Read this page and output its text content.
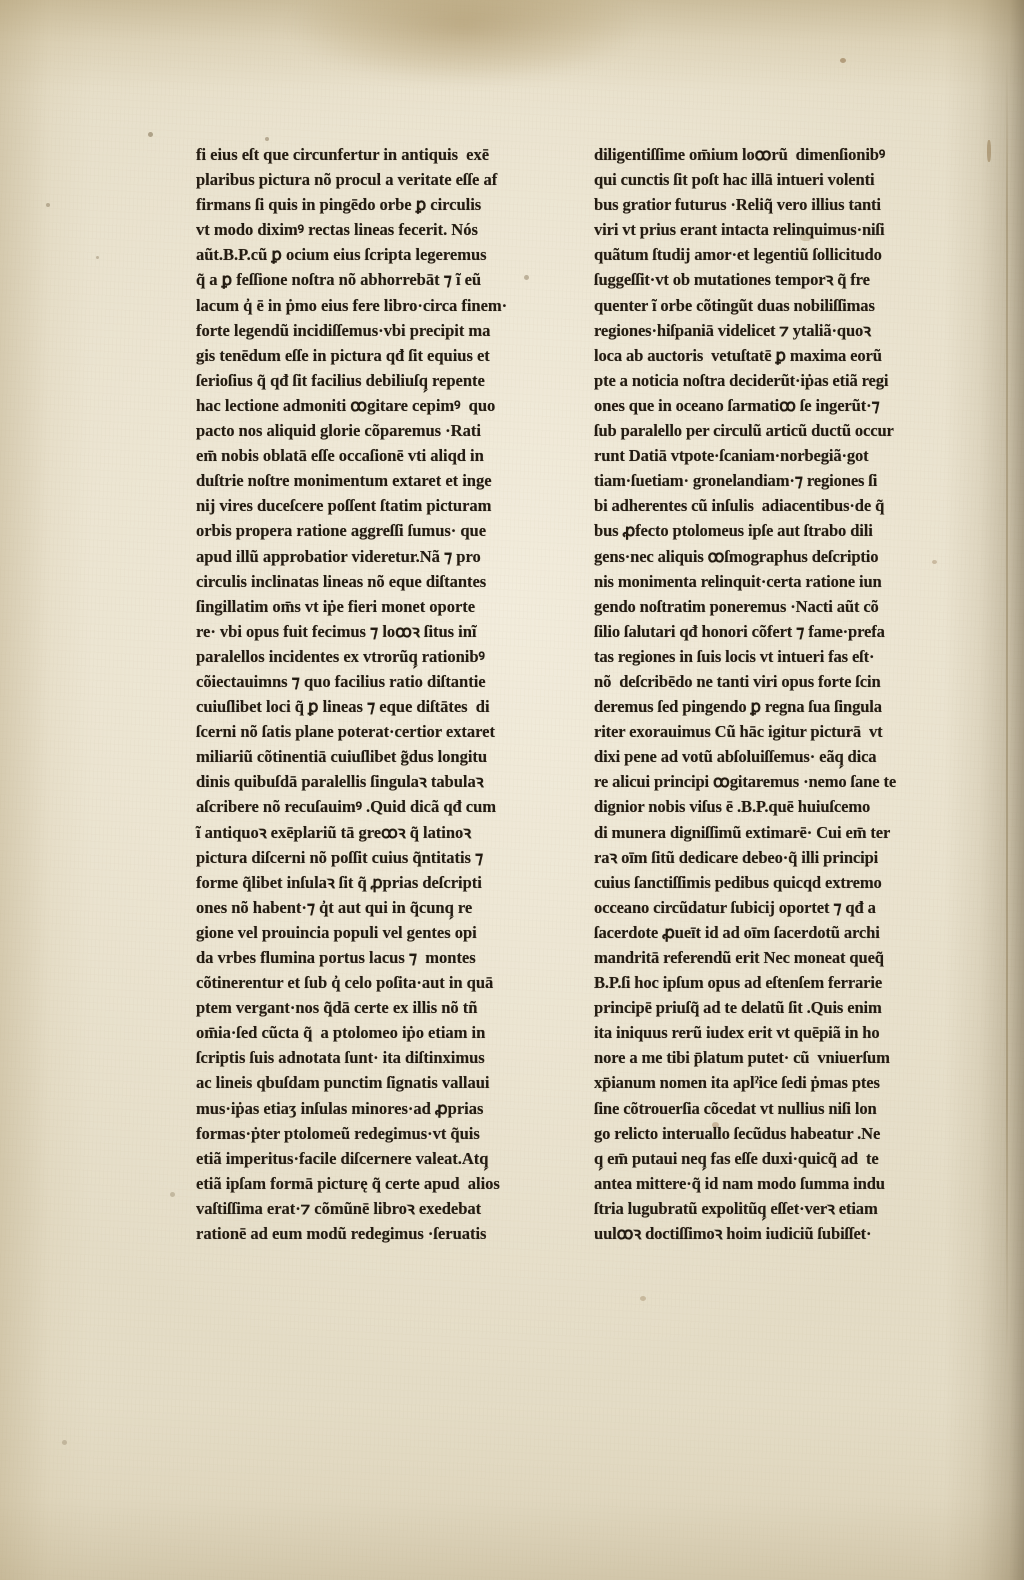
fi eius eſt que circunfertur in antiquis  exē
plaribus pictura nõ procul a veritate eſſe af
firmans ſi quis in pingēdo orbe ꝑ circulis
vt modo diximꝰ rectas lineas fecerit. Nós
aũt.B.P.cũ ꝑ ocium eius ſcripta legeremus
q̃ a ꝑ feſſione noſtra nõ abhorrebāt ⁊ ĩ eũ
lacum q̓ ē in ṗmo eius fere libro·circa finem·
forte legendũ incidiſſemus·vbi precipit ma
gis tenēdum eſſe in pictura qđ ſit equius et
ſerioſius q̃ qđ ſit facilius debiliuſq̗ repente
hac lectione admoniti ꝏgitare cepimꝰ  quo
pacto nos aliquid glorie cõparemus ·Rati
em̄ nobis oblatā eſſe occaſionē vti aliqd in
duſtrie noſtre monimentum extaret et inge
nij vires duceſcere poſſent ſtatim picturam
orbis propera ratione aggreſſi ſumus· que
apud illũ approbatior videretur.Nã ⁊ pro
circulis inclinatas lineas nõ eque diſtantes
ſingillatim om̄s vt iṗe fieri monet oporte
re· vbi opus fuit fecimus ⁊ loꝏꝛ ſitus inĩ
paralellos incidentes ex vtrorũq̗ rationibꝰ
cõiectauimns ⁊ quo facilius ratio diſtantie
cuiuſlibet loci q̃ ꝑ lineas ⁊ eque diſtātes  di
ſcerni nõ ſatis plane poterat·certior extaret
miliariũ cõtinentiā cuiuſlibet g̃dus longitu
dinis quibuſdā paralellis ſingulaꝛ tabulaꝛ
aſcribere nõ recuſauimꝰ .Quid dicã qđ cum
ĩ antiquoꝛ exēplariũ tā greꝏꝛ q̃ latinoꝛ
pictura diſcerni nõ poſſit cuius q̃ntitatis ⁊
forme q̃libet inſulaꝛ ſit q̃ ꝓprias deſcripti
ones nõ habent·⁊ q̓t aut qui in q̃cunq̗ re
gione vel prouincia populi vel gentes opi
da vrbes flumina portus lacus ⁊  montes
cõtinerentur et ſub q̓ celo poſita·aut in quā
ptem vergant·nos q̃dā certe ex illis nõ tñ
om̄ia·ſed cũcta q̃  a ptolomeo iṗo etiam in
ſcriptis ſuis adnotata ſunt· ita diſtinximus
ac lineis qbuſdam punctim ſignatis vallaui
mus·iṗas etiaʒ inſulas minores·ad ꝓprias
formas·ṗter ptolomeũ redegimus·vt q̃uis
etiã imperitus·facile diſcernere valeat.Atq̗
etiã ipſam formā picturę q̃ certe apud  alios
vaſtiſſima erat·⁊ cõmũnē libroꝛ exedebat
rationē ad eum modũ redegimus ·ſeruatis
diligentiſſime om̄ium loꝏrũ  dimenſionibꝰ
qui cunctis ſit poſt hac illā intueri volenti
bus gratior futurus ·Reliq̃ vero illius tanti
viri vt prius erant intacta relinquimus·niſi
quãtum ſtudij amor·et legentiũ ſollicitudo
ſuggeſſit·vt ob mutationes temporꝛ q̃ fre
quenter ĩ orbe cõtingũt duas nobiliſſimas
regiones·hiſpaniā videlicet ⁊ ytaliã·quoꝛ
loca ab auctoris  vetuſtatē ꝑ maxima eorũ
pte a noticia noſtra deciderũt·iṗas etiã regi
ones que in oceano ſarmatiꝏ ſe ingerũt·⁊
ſub paralello per circulũ articũ ductũ occur
runt Datiā vtpote·ſcaniam·norbegiã·got
tiam·ſuetiam· gronelandiam·⁊ regiones ſi
bi adherentes cũ inſulis  adiacentibus·de q̃
bus ꝓfecto ptolomeus ipſe aut ſtrabo dili
gens·nec aliquis ꝏſmographus deſcriptio
nis monimenta relinquit·certa ratione iun
gendo noſtratim poneremus ·Nacti aũt cõ
ſilio ſalutari qđ honori cõfert ⁊ fame·prefa
tas regiones in ſuis locis vt intueri fas eſt·
nõ  deſcribēdo ne tanti viri opus forte ſcin
deremus ſed pingendo ꝑ regna ſua ſingula
riter exorauimus Cũ hāc igitur picturā  vt
dixi pene ad votũ abſoluiſſemus· eãq̗ dica
re alicui principi ꝏgitaremus ·nemo ſane te
dignior nobis viſus ē .B.P.quē huiuſcemo
di munera digniſſimũ extimarē· Cui em̄ ter
raꝛ oīm ſitũ dedicare debeo·q̃ illi principi
cuius ſanctiſſimis pedibus quicqd extremo
occeano circũdatur ſubicij oportet ⁊ qđ a
ſacerdote ꝓueīt id ad oīm ſacerdotũ archi
mandritā referendũ erit Nec moneat queq̃
B.P.ſi hoc ipſum opus ad eſtenſem ferrarie
principē priuſq̃ ad te delatũ ſit .Quis enim
ita iniquus rerũ iudex erit vt quēpiã in ho
nore a me tibi p̄latum putet· cũ  vniuerſum
xp̄ianum nomen ita aplˀice ſedi ṗmas ptes
ſine cõtrouerſia cõcedat vt nullius niſi lon
go relicto interuallo ſecũdus habeatur .Ne
q̗ em̄ putaui neq̗ fas eſſe duxi·quicq̃ ad  te
antea mittere·q̃ id nam modo ſumma indu
ſtria lugubratũ expolitũq̗ eſſet·verꝛ etiam
uulꝏꝛ doctiſſimoꝛ hoim iudiciũ ſubiſſet·
